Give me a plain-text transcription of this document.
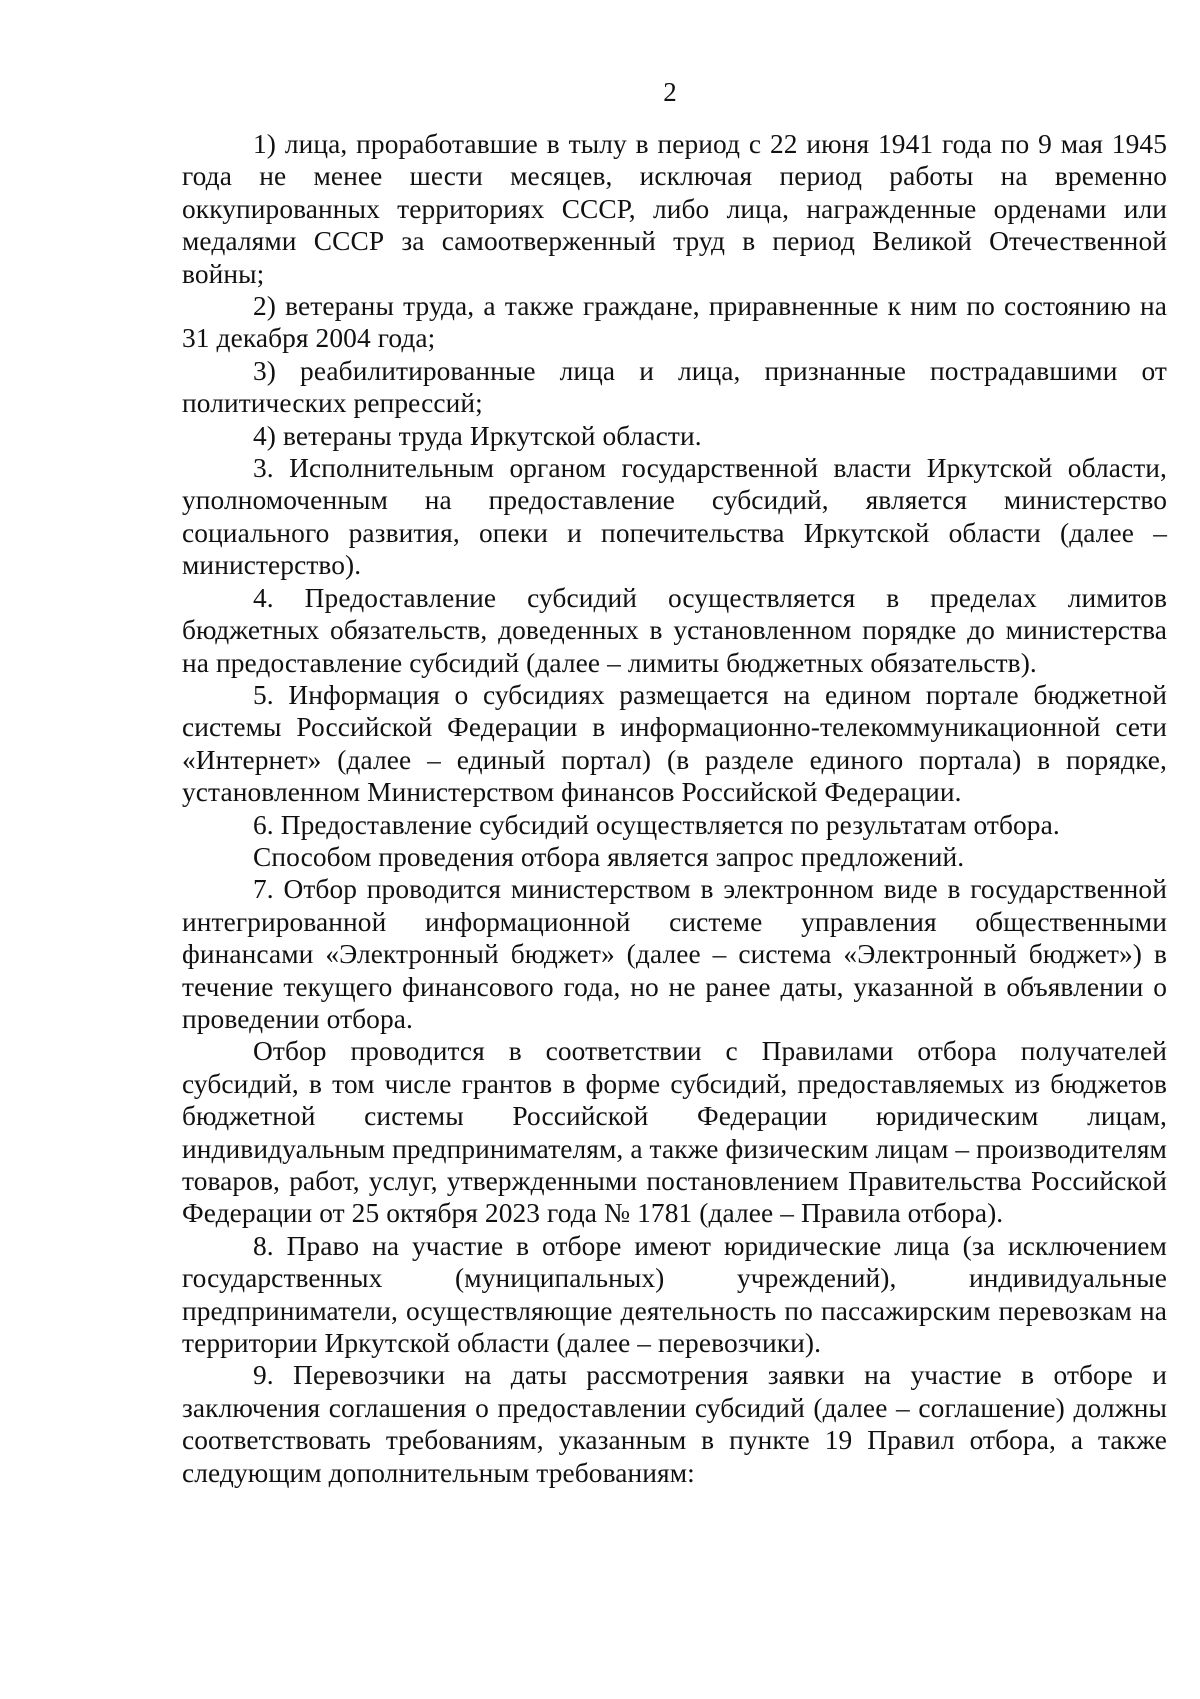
2

1) лица, проработавшие в тылу в период с 22 июня 1941 года по 9 мая 1945 года не менее шести месяцев, исключая период работы на временно оккупированных территориях СССР, либо лица, награжденные орденами или медалями СССР за самоотверженный труд в период Великой Отечественной войны;

2) ветераны труда, а также граждане, приравненные к ним по состоянию на 31 декабря 2004 года;

3) реабилитированные лица и лица, признанные пострадавшими от политических репрессий;

4) ветераны труда Иркутской области.

3. Исполнительным органом государственной власти Иркутской области, уполномоченным на предоставление субсидий, является министерство социального развития, опеки и попечительства Иркутской области (далее – министерство).

4. Предоставление субсидий осуществляется в пределах лимитов бюджетных обязательств, доведенных в установленном порядке до министерства на предоставление субсидий (далее – лимиты бюджетных обязательств).

5. Информация о субсидиях размещается на едином портале бюджетной системы Российской Федерации в информационно-телекоммуникационной сети «Интернет» (далее – единый портал) (в разделе единого портала) в порядке, установленном Министерством финансов Российской Федерации.

6. Предоставление субсидий осуществляется по результатам отбора.

Способом проведения отбора является запрос предложений.

7. Отбор проводится министерством в электронном виде в государственной интегрированной информационной системе управления общественными финансами «Электронный бюджет» (далее – система «Электронный бюджет») в течение текущего финансового года, но не ранее даты, указанной в объявлении о проведении отбора.

Отбор проводится в соответствии с Правилами отбора получателей субсидий, в том числе грантов в форме субсидий, предоставляемых из бюджетов бюджетной системы Российской Федерации юридическим лицам, индивидуальным предпринимателям, а также физическим лицам – производителям товаров, работ, услуг, утвержденными постановлением Правительства Российской Федерации от 25 октября 2023 года № 1781 (далее – Правила отбора).

8. Право на участие в отборе имеют юридические лица (за исключением государственных (муниципальных) учреждений), индивидуальные предприниматели, осуществляющие деятельность по пассажирским перевозкам на территории Иркутской области (далее – перевозчики).

9. Перевозчики на даты рассмотрения заявки на участие в отборе и заключения соглашения о предоставлении субсидий (далее – соглашение) должны соответствовать требованиям, указанным в пункте 19 Правил отбора, а также следующим дополнительным требованиям:
